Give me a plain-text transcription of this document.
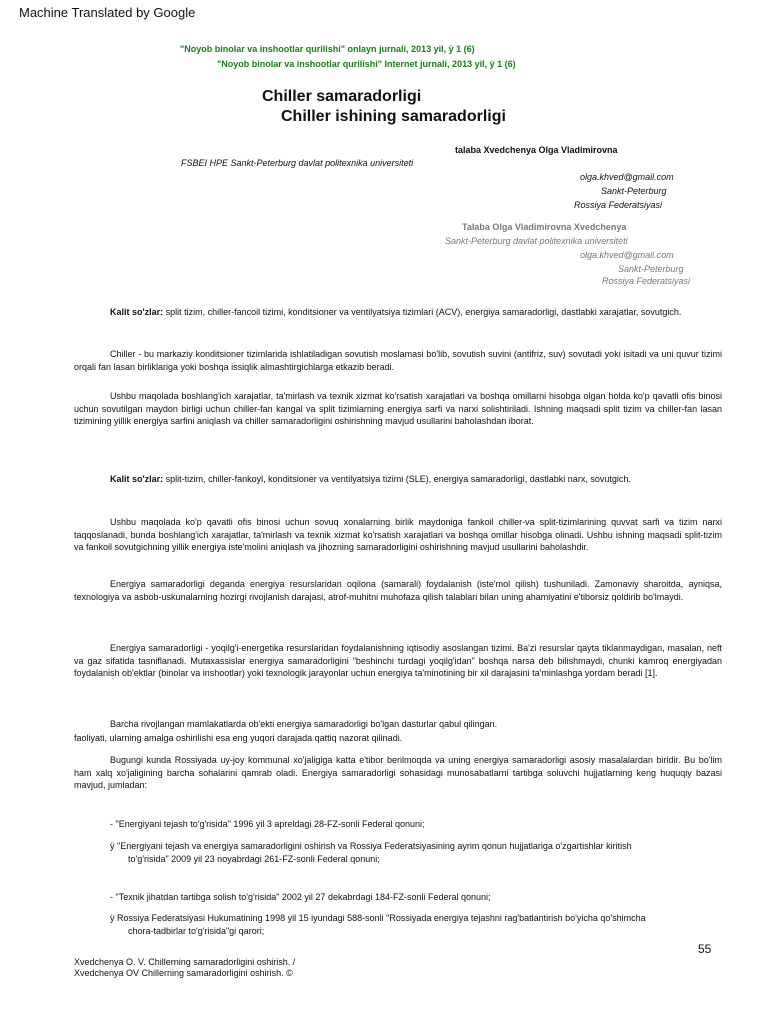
Machine Translated by Google
"Noyob binolar va inshootlar qurilishi" onlayn jurnali, 2013 yil, ÿ 1 (6)
"Noyob binolar va inshootlar qurilishi" Internet jurnali, 2013 yil, ÿ 1 (6)
Chiller samaradorligi
Chiller ishining samaradorligi
talaba Xvedchenya Olga Vladimirovna
FSBEI HPE Sankt-Peterburg davlat politexnika universiteti
olga.khved@gmail.com
Sankt-Peterburg
Rossiya Federatsiyasi
Talaba Olga Vladimirovna Xvedchenya
Sankt-Peterburg davlat politexnika universiteti
olga.khved@gmail.com
Sankt-Peterburg
Rossiya Federatsiyasi
Kalit so'zlar: split tizim, chiller-fancoil tizimi, konditsioner va ventilyatsiya tizimlari (ACV), energiya samaradorligi, dastlabki xarajatlar, sovutgich.
Chiller - bu markaziy konditsioner tizimlarida ishlatiladigan sovutish moslamasi bo'lib, sovutish suvini (antifriz, suv) sovutadi yoki isitadi va uni quvur tizimi orqali fan lasan birliklariga yoki boshqa issiqlik almashtirgichlarga etkazib beradi.
Ushbu maqolada boshlang'ich xarajatlar, ta'mirlash va texnik xizmat ko'rsatish xarajatlari va boshqa omillarni hisobga olgan holda ko'p qavatli ofis binosi uchun sovutilgan maydon birligi uchun chiller-fan kangal va split tizimlarning energiya sarfi va narxi solishtiriladi. Ishning maqsadi split tizim va chiller-fan lasan tizimining yillik energiya sarfini aniqlash va chiller samaradorligini oshirishning mavjud usullarini baholashdan iborat.
Kalit so'zlar: split-tizim, chiller-fankoyl, konditsioner va ventilyatsiya tizimi (SLE), energiya samaradorligi, dastlabki narx, sovutgich.
Ushbu maqolada ko'p qavatli ofis binosi uchun sovuq xonalarning birlik maydoniga fankoil chiller-va split-tizimlarining quvvat sarfi va tizim narxi taqqoslanadi, bunda boshlang'ich xarajatlar, ta'mirlash va texnik xizmat ko'rsatish xarajatlari va boshqa omillar hisobga olinadi. Ushbu ishning maqsadi split-tizim va fankoil sovutgichning yillik energiya iste'molini aniqlash va jihozning samaradorligini oshirishning mavjud usullarini baholashdir.
Energiya samaradorligi deganda energiya resurslaridan oqilona (samarali) foydalanish (iste'mol qilish) tushuniladi. Zamonaviy sharoitda, ayniqsa, texnologiya va asbob-uskunalarning hozirgi rivojlanish darajasi, atrof-muhitni muhofaza qilish talablari bilan uning ahamiyatini e'tiborsiz qoldirib bo'lmaydi.
Energiya samaradorligi - yoqilg'i-energetika resurslaridan foydalanishning iqtisodiy asoslangan tizimi. Ba'zi resurslar qayta tiklanmaydigan, masalan, neft va gaz sifatida tasniflanadi. Mutaxassislar energiya samaradorligini "beshinchi turdagi yoqilg'idan" boshqa narsa deb bilishmaydi, chunki kamroq energiyadan foydalanish ob'ektlar (binolar va inshootlar) yoki texnologik jarayonlar uchun energiya ta'minotining bir xil darajasini ta'minlashga yordam beradi [1].
Barcha rivojlangan mamlakatlarda ob'ekti energiya samaradorligi bo'lgan dasturlar qabul qilingan.
faoliyati, ularning amalga oshirilishi esa eng yuqori darajada qattiq nazorat qilinadi.
Bugungi kunda Rossiyada uy-joy kommunal xo'jaligiga katta e'tibor berilmoqda va uning energiya samaradorligi asosiy masalalardan biridir. Bu bo'lim ham xalq xo'jaligining barcha sohalarini qamrab oladi. Energiya samaradorligi sohasidagi munosabatlarni tartibga soluvchi hujjatlarning keng huquqiy bazasi mavjud, jumladan:
- "Energiyani tejash to'g'risida" 1996 yil 3 apreldagi 28-FZ-sonli Federal qonuni;
ÿ "Energiyani tejash va energiya samaradorligini oshirish va Rossiya Federatsiyasining ayrim qonun hujjatlariga o'zgartishlar kiritish
to'g'risida" 2009 yil 23 noyabrdagi 261-FZ-sonli Federal qonuni;
- "Texnik jihatdan tartibga solish to'g'risida" 2002 yil 27 dekabrdagi 184-FZ-sonli Federal qonuni;
ÿ Rossiya Federatsiyasi Hukumatining 1998 yil 15 iyundagi 588-sonli "Rossiyada energiya tejashni rag'batlantirish bo'yicha qo'shimcha
chora-tadbirlar to'g'risida"gi qarori;
55
Xvedchenya O. V. Chillerning samaradorligini oshirish. /
Xvedchenya OV Chillerning samaradorligini oshirish. ©
